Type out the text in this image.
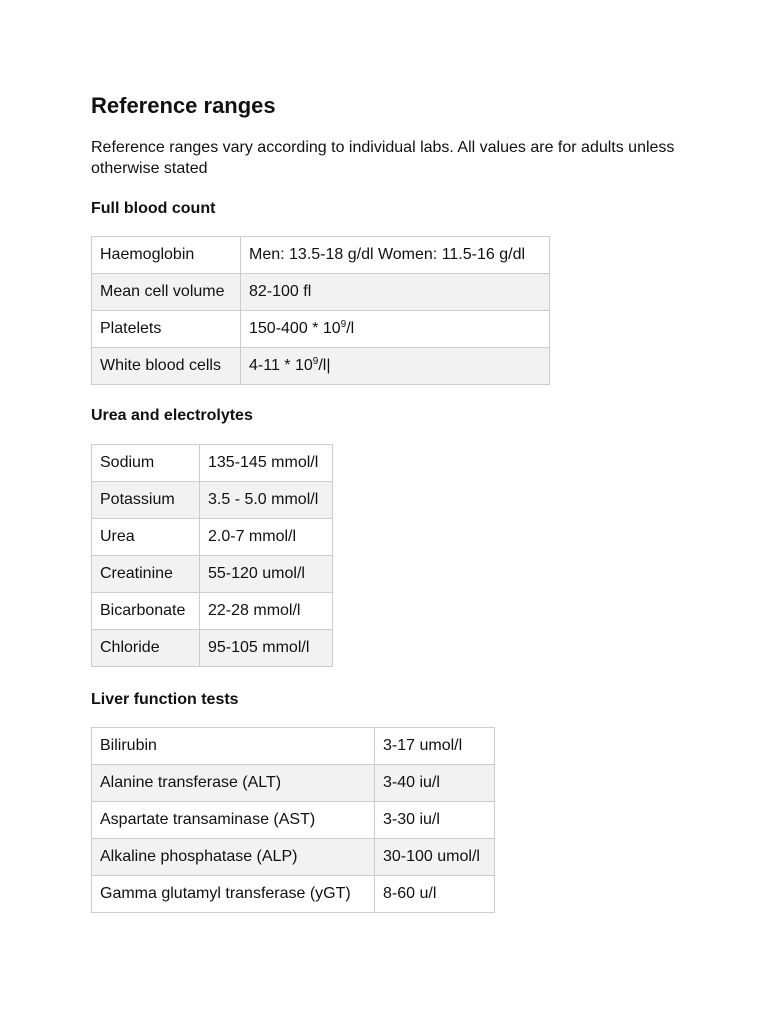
Reference ranges

Reference ranges vary according to individual labs. All values are for adults unless otherwise stated

Full blood count
Haemoglobin	Men: 13.5-18 g/dl Women: 11.5-16 g/dl
Mean cell volume	82-100 fl
Platelets	$150-400 * 10^9/l$
White blood cells	$4-11 * 10^9/l|$
Urea and electrolytes
Sodium	135-145 mmol/l
Potassium	3.5 - 5.0 mmol/l
Urea	2.0-7 mmol/l
Creatinine	55-120 umol/l
Bicarbonate	22-28 mmol/l
Chloride	95-105 mmol/l
Liver function tests
Bilirubin	3-17 umol/l
Alanine transferase (ALT)	3-40 iu/l
Aspartate transaminase (AST)	3-30 iu/l
Alkaline phosphatase (ALP)	30-100 umol/l
Gamma glutamyl transferase (yGT)	8-60 u/l
